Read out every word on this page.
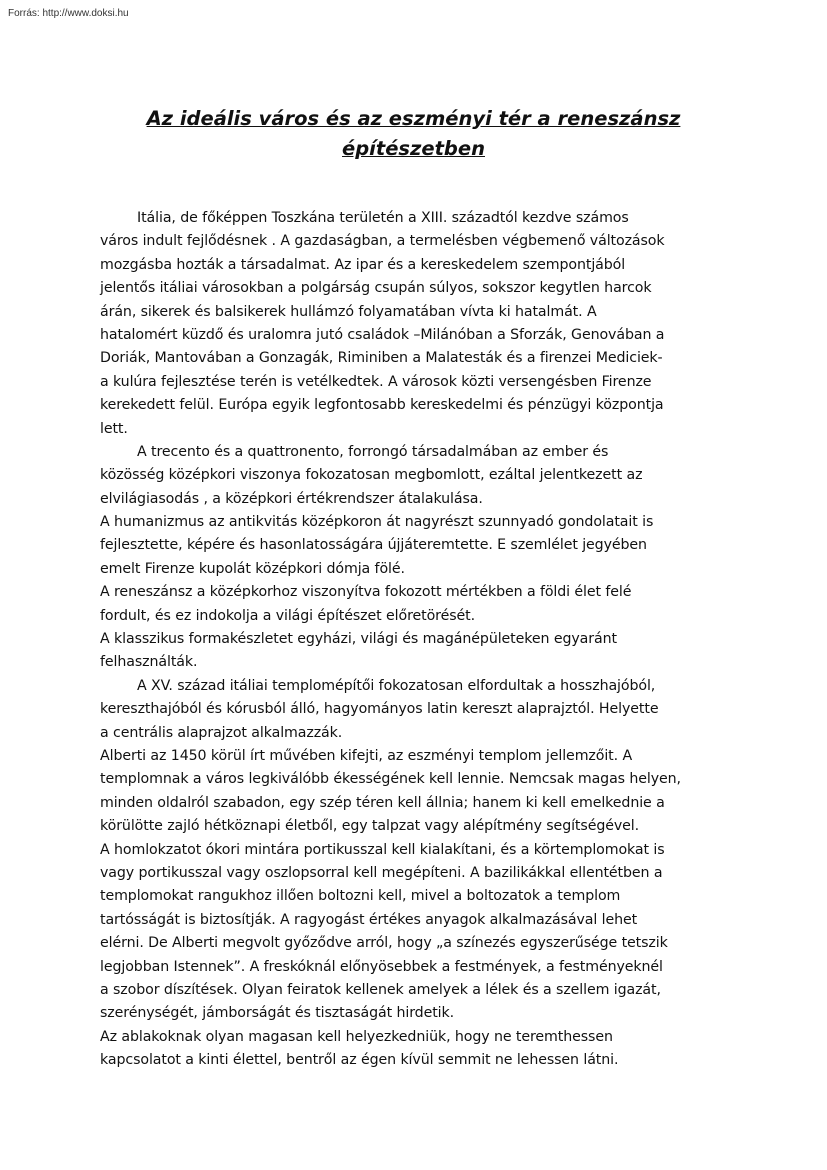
Forrás: http://www.doksi.hu
Az ideális város és az eszményi tér a reneszánsz
építészetben
Itália, de főképpen Toszkána területén a XIII. századtól kezdve számos
város indult fejlődésnek . A gazdaságban, a termelésben végbemenő változások
mozgásba hozták a társadalmat. Az ipar és a kereskedelem szempontjából
jelentős itáliai városokban a polgárság csupán súlyos, sokszor kegytlen harcok
árán, sikerek és balsikerek hullámzó folyamatában vívta ki hatalmát. A
hatalomért küzdő és uralomra jutó családok –Milánóban a Sforzák, Genovában a
Doriák, Mantovában a Gonzagák, Riminiben a Malatesták és a firenzei Mediciek-
a kulúra fejlesztése terén is vetélkedtek. A városok közti versengésben Firenze
kerekedett felül. Európa egyik legfontosabb kereskedelmi és pénzügyi központja
lett.
A trecento és a quattronento, forrongó társadalmában az ember és
közösség középkori viszonya fokozatosan megbomlott, ezáltal jelentkezett az
elvilágiasodás , a középkori értékrendszer átalakulása.
A humanizmus az antikvitás középkoron át nagyrészt szunnyadó gondolatait is
fejlesztette, képére és hasonlatosságára újjáteremtette. E szemlélet jegyében
emelt Firenze kupolát középkori dómja fölé.
A reneszánsz a középkorhoz viszonyítva fokozott mértékben a földi élet felé
fordult, és ez indokolja a világi építészet előretörését.
A klasszikus formakészletet egyházi, világi és magánépületeken egyaránt
felhasználták.
A XV. század itáliai templomépítői fokozatosan elfordultak a hosszhajóból,
kereszthajóból és kórusból álló, hagyományos latin kereszt alaprajztól. Helyette
a centrális alaprajzot alkalmazzák.
Alberti az 1450 körül írt művében kifejti, az eszményi templom jellemzőit. A
templomnak a város legkiválóbb ékességének kell lennie. Nemcsak magas helyen,
minden oldalról szabadon, egy szép téren kell állnia; hanem ki kell emelkednie a
körülötte zajló hétköznapi életből, egy talpzat vagy alépítmény segítségével.
A homlokzatot ókori mintára portikusszal kell kialakítani, és a körtemplomokat is
vagy portikusszal vagy oszlopsorral kell megépíteni. A bazilikákkal ellentétben a
templomokat rangukhoz illően boltozni kell, mivel a boltozatok a templom
tartósságát is biztosítják. A ragyogást értékes anyagok alkalmazásával lehet
elérni. De Alberti megvolt győződve arról, hogy „a színezés egyszerűsége tetszik
legjobban Istennek”. A freskóknál előnyösebbek a festmények, a festményeknél
a szobor díszítések. Olyan feiratok kellenek amelyek a lélek és a szellem igazát,
szerénységét, jámborságát és tisztaságát hirdetik.
Az ablakoknak olyan magasan kell helyezkedniük, hogy ne teremthessen
kapcsolatot a kinti élettel, bentről az égen kívül semmit ne lehessen látni.
